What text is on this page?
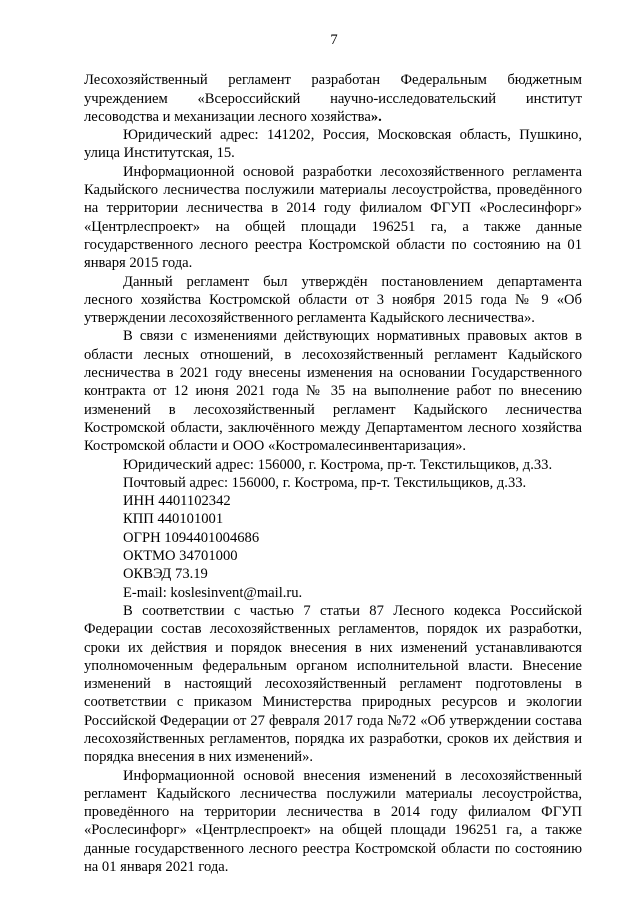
7

Лесохозяйственный регламент разработан Федеральным бюджетным учреждением «Всероссийский научно-исследовательский институт лесоводства и механизации лесного хозяйства».

Юридический адрес: 141202, Россия, Московская область, Пушкино, улица Институтская, 15.

Информационной основой разработки лесохозяйственного регламента Кадыйского лесничества послужили материалы лесоустройства, проведённого на территории лесничества в 2014 году филиалом ФГУП «Рослесинфорг» «Центрлеспроект» на общей площади 196251 га, а также данные государственного лесного реестра Костромской области по состоянию на 01 января 2015 года.

Данный регламент был утверждён постановлением департамента лесного хозяйства Костромской области от 3 ноября 2015 года № 9 «Об утверждении лесохозяйственного регламента Кадыйского лесничества».

В связи с изменениями действующих нормативных правовых актов в области лесных отношений, в лесохозяйственный регламент Кадыйского лесничества в 2021 году внесены изменения на основании Государственного контракта от 12 июня 2021 года № 35 на выполнение работ по внесению изменений в лесохозяйственный регламент Кадыйского лесничества Костромской области, заключённого между Департаментом лесного хозяйства Костромской области и ООО «Костромалесинвентаризация».

Юридический адрес: 156000, г. Кострома, пр-т. Текстильщиков, д.33.
Почтовый адрес: 156000, г. Кострома, пр-т. Текстильщиков, д.33.
ИНН 4401102342
КПП 440101001
ОГРН 1094401004686
ОКТМО 34701000
ОКВЭД 73.19
E-mail: koslesinvent@mail.ru.

В соответствии с частью 7 статьи 87 Лесного кодекса Российской Федерации состав лесохозяйственных регламентов, порядок их разработки, сроки их действия и порядок внесения в них изменений устанавливаются уполномоченным федеральным органом исполнительной власти. Внесение изменений в настоящий лесохозяйственный регламент подготовлены в соответствии с приказом Министерства природных ресурсов и экологии Российской Федерации от 27 февраля 2017 года №72 «Об утверждении состава лесохозяйственных регламентов, порядка их разработки, сроков их действия и порядка внесения в них изменений».

Информационной основой внесения изменений в лесохозяйственный регламент Кадыйского лесничества послужили материалы лесоустройства, проведённого на территории лесничества в 2014 году филиалом ФГУП «Рослесинфорг» «Центрлеспроект» на общей площади 196251 га, а также данные государственного лесного реестра Костромской области по состоянию на 01 января 2021 года.
